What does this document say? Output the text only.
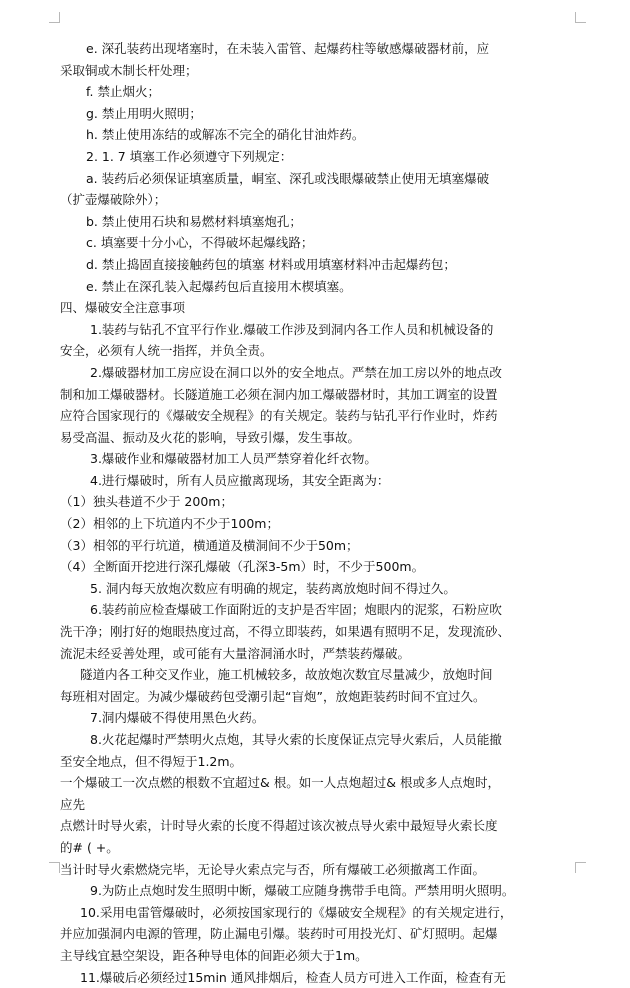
e. 深孔装药出现堵塞时，在未装入雷管、起爆药柱等敏感爆破器材前，应
采取铜或木制长杆处理；
f. 禁止烟火；
g. 禁止用明火照明；
h. 禁止使用冻结的或解冻不完全的硝化甘油炸药。
2. 1. 7 填塞工作必须遵守下列规定：
a. 装药后必须保证填塞质量，峒室、深孔或浅眼爆破禁止使用无填塞爆破
（扩壶爆破除外）；
b. 禁止使用石块和易燃材料填塞炮孔；
c. 填塞要十分小心，不得破坏起爆线路；
d. 禁止捣固直接接触药包的填塞 材料或用填塞材料冲击起爆药包；
e. 禁止在深孔装入起爆药包后直接用木楔填塞。
四、爆破安全注意事项
1.装药与钻孔不宜平行作业.爆破工作涉及到洞内各工作人员和机械设备的
安全，必须有人统一指挥，并负全责。
2.爆破器材加工房应设在洞口以外的安全地点。严禁在加工房以外的地点改
制和加工爆破器材。长隧道施工必须在洞内加工爆破器材时，其加工调室的设置
应符合国家现行的《爆破安全规程》的有关规定。装药与钻孔平行作业时，炸药
易受高温、振动及火花的影响，导致引爆，发生事故。
3.爆破作业和爆破器材加工人员严禁穿着化纤衣物。
4.进行爆破时，所有人员应撤离现场，其安全距离为：
（1）独头巷道不少于 200m；
（2）相邻的上下坑道内不少于100m；
（3）相邻的平行坑道，横通道及横洞间不少于50m；
（4）全断面开挖进行深孔爆破（孔深3-5m）时，不少于500m。
5. 洞内每天放炮次数应有明确的规定，装药离放炮时间不得过久。
6.装药前应检查爆破工作面附近的支护是否牢固；炮眼内的泥浆，石粉应吹
洗干净；刚打好的炮眼热度过高，不得立即装药，如果遇有照明不足，发现流砂、
流泥未经妥善处理，或可能有大量溶洞涌水时，严禁装药爆破。
隧道内各工种交叉作业，施工机械较多，故放炮次数宜尽量减少，放炮时间
每班相对固定。为减少爆破药包受潮引起“盲炮”，放炮距装药时间不宜过久。
7.洞内爆破不得使用黑色火药。
8.火花起爆时严禁明火点炮，其导火索的长度保证点完导火索后，人员能撤
至安全地点，但不得短于1.2m。
一个爆破工一次点燃的根数不宜超过& 根。如一人点炮超过& 根或多人点炮时，
应先
点燃计时导火索，计时导火索的长度不得超过该次被点导火索中最短导火索长度
的# ( +。
当计时导火索燃烧完毕，无论导火索点完与否，所有爆破工必须撤离工作面。
9.为防止点炮时发生照明中断，爆破工应随身携带手电筒。严禁用明火照明。
10.采用电雷管爆破时，必须按国家现行的《爆破安全规程》的有关规定进行，
并应加强洞内电源的管理，防止漏电引爆。装药时可用投光灯、矿灯照明。起爆
主导线宜悬空架设，距各种导电体的间距必须大于1m。
11.爆破后必须经过15min 通风排烟后，检查人员方可进入工作面，检查有无
